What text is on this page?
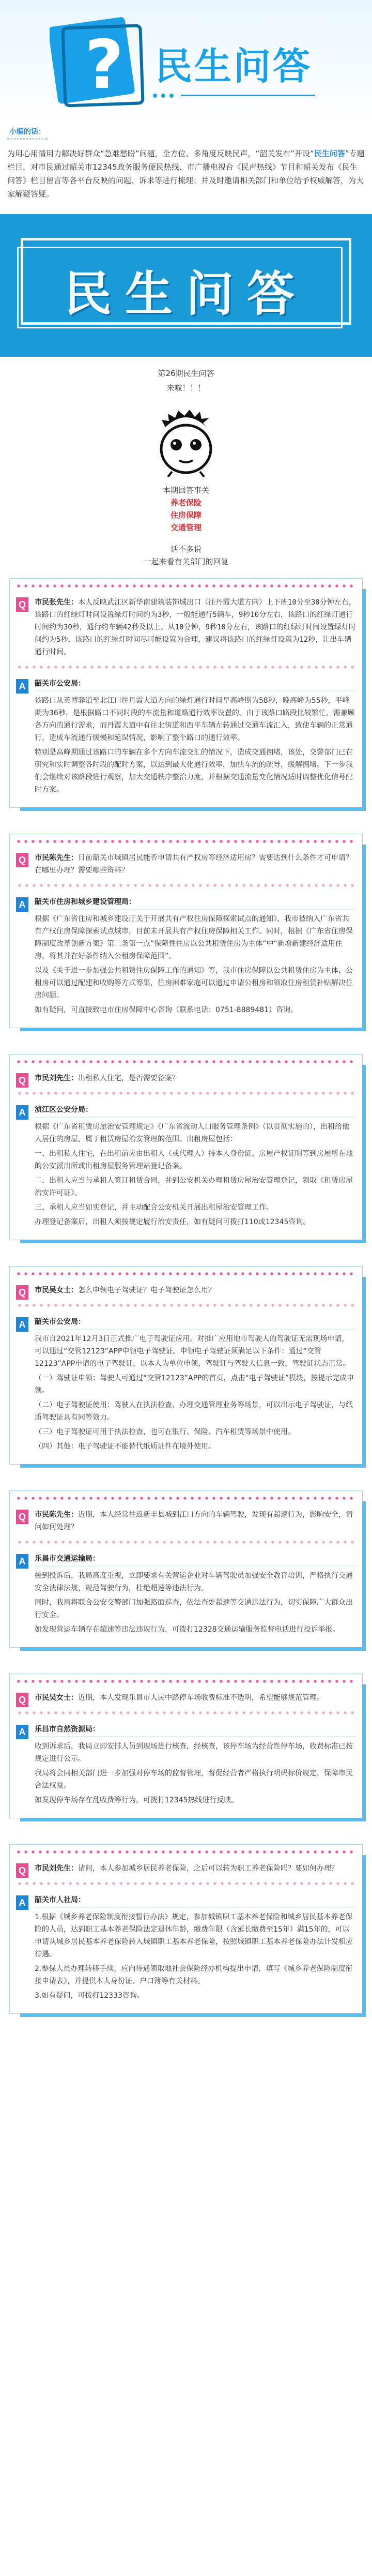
? 民生问答
小编的话：
为用心用情用力解决好群众“急难愁盼”问题，全方位、多角度反映民声，“韶关发布”开设“民生问答”专题栏目，对市民通过韶关市12345政务服务便民热线、市广播电视台《民声热线》节目和韶关发布《民生问答》栏目留言等各平台反映的问题、诉求等进行梳理；并及时邀请相关部门和单位给予权威解答，为大家解疑答疑。
民生问答
第26期民生问答
来啦！！！
本期回答事关
养老保险
住房保障
交通管理
话不多说
一起来看有关部门的回复
Q	市民张先生：本人反映武江区新华南建筑装饰城出口（往丹霞大道方向）上下班10分至30分钟左右，该路口的红绿灯时间设置绿灯时间约为3秒，一般能通行5辆车，9秒10分左右，该路口的红绿灯通行时间约为30秒，通行约车辆42秒及以上。从10分钟，9秒10分左右，该路口的红绿灯时间设置绿灯时间约为5秒，该路口的红绿灯时间尽可能设置为合理，建议将该路口的红绿灯设置为12秒，让出车辆通行时间。
A	韶关市公安局：

该路口从英博驿道至北江口往丹霞大道方向的绿灯通行时间早高峰期为58秒，晚高峰为55秒，平峰期为36秒，是根据路口不同时段的车流量和道路通行效率设置的。由于该路口路段比较繁忙，需兼顾各方向的通行需求，而丹霞大道中有往北街道和西平车辆左转通过交通车流汇入，致使车辆的正常通行，造成车流通行缓慢和延误情况，影响了整个路口的通行效率。

特别是高峰期通过该路口的车辆在多个方向车流交汇的情况下，造成交通拥堵，该处，交警部门已在研究和实时调整各时段的配时方案，以达到最大化通行效率，加快车流的疏导，缓解拥堵。下一步我们会继续对该路段进行观察，加大交通秩序整治力度，并根据交通流量变化情况适时调整优化信号配时方案。

Q	市民陈先生：目前韶关市城镇居民能否申请共有产权房等经济适用房？需要达到什么条件才可申请？在哪里办理？需要哪些资料？
A	韶关市住房和城乡建设管理局：

根据《广东省住房和城乡建设厅关于开展共有产权住房保障探索试点的通知》，我市被纳入广东省共有产权住房保障探索试点城市，目前未开展共有产权住房保障相关工作。同时，根据《广东省住房保障制度改革创新方案》第二条第一点“保障性住房以公共租赁住房为主体”中“新增新建经济适用住房，将其并在好条件纳入公租房保障范围”。

以及《关于进一步加强公共租赁住房保障工作的通知》等，我市住房保障以公共租赁住房为主体，公租房可以通过配建和收购等方式筹集，住房困难家庭可以通过申请公租房和领取住房租赁补贴解决住房问题。

如有疑问，可直接致电市住房保障中心咨询（联系电话：0751-8889481）咨询。

Q	市民刘先生：出租私人住宅，是否需要备案？
A	浈江区公安分局：

根据《广东省租赁房屋治安管理规定》《广东省流动人口服务管理条例》（以贯彻实施的），出租给他人居住的房屋，属于租赁房屋治安管理的范围。出租房屋包括：

一、出租私人住宅，在出租前应由出租人（或代理人）持本人身份证、房屋产权证明等到房屋所在地的公安派出所或出租房屋服务管理站登记备案。

二、出租人应当与承租人签订租赁合同，并到公安机关办理租赁房屋治安管理登记，领取《租赁房屋治安许可证》。

三、承租人应当如实登记，并主动配合公安机关开展出租屋治安管理工作。

办理登记备案后，出租人须按规定履行治安责任，如有疑问可拨打110或12345咨询。

Q	市民吴女士：怎么申领电子驾驶证？电子驾驶证怎么用？
A	韶关市公安局：

我市自2021年12月3日正式推广电子驾驶证应用。对推广应用地市驾驶人的驾驶证无需现场申请，可以通过“交管12123”APP申领电子驾驶证。申领电子驾驶证须满足以下条件：通过“交管12123”APP申请的电子驾驶证，以本人为单位申领，驾驶证与驾驶人信息一致，驾驶证状态正常。

（一）驾驶证申领：驾驶人可通过“交管12123”APP的首页，点击“电子驾驶证”模块，按提示完成申领。

（二）电子驾驶证使用：驾驶人在执法检查、办理交通管理业务等场景，可以出示电子驾驶证，与纸质驾驶证具有同等效力。

（三）电子驾驶证可用于执法检查，也可在银行、保险、汽车租赁等场景中使用。

（四）其他：电子驾驶证不能替代纸质证件在境外使用。

Q	市民陈先生：近期，本人经常往返新丰县城到江口方向的车辆驾驶，发现有超速行为，影响安全，请问如何处理？
A	乐昌市交通运输局：

接到投诉后，我局高度重视，立即要求有关营运企业对车辆驾驶员加强安全教育培训，严格执行交通安全法律法规，规范驾驶行为，杜绝超速等违法行为。

同时，我局将联合公安交警部门加强路面巡查，依法查处超速等交通违法行为，切实保障广大群众出行安全。

如发现营运车辆存在超速等违法违规行为，可拨打12328交通运输服务监督电话进行投诉举报。

Q	市民吴女士：近期，本人发现乐昌市人民中路停车场收费标准不透明，希望能够规范管理。
A	乐昌市自然资源局：

收到诉求后，我局立即安排人员到现场进行核查，经核查，该停车场为经营性停车场，收费标准已按规定进行公示。

我局将会同相关部门进一步加强对停车场的监督管理，督促经营者严格执行明码标价规定，保障市民合法权益。

如发现停车场存在乱收费等行为，可拨打12345热线进行反映。

Q	市民刘先生：请问，本人参加城乡居民养老保险，之后可以转为职工养老保险吗？要如何办理？
A	韶关市人社局：

1.根据《城乡养老保险制度衔接暂行办法》规定，参加城镇职工基本养老保险和城乡居民基本养老保险的人员，达到职工基本养老保险法定退休年龄，缴费年限（含延长缴费至15年）满15年的，可以申请从城乡居民基本养老保险转入城镇职工基本养老保险，按照城镇职工基本养老保险办法计发相应待遇。

2.参保人员办理转移手续，应向待遇领取地社会保险经办机构提出申请，填写《城乡养老保险制度衔接申请表》，并提供本人身份证、户口簿等有关材料。

3.如有疑问，可拨打12333咨询。
